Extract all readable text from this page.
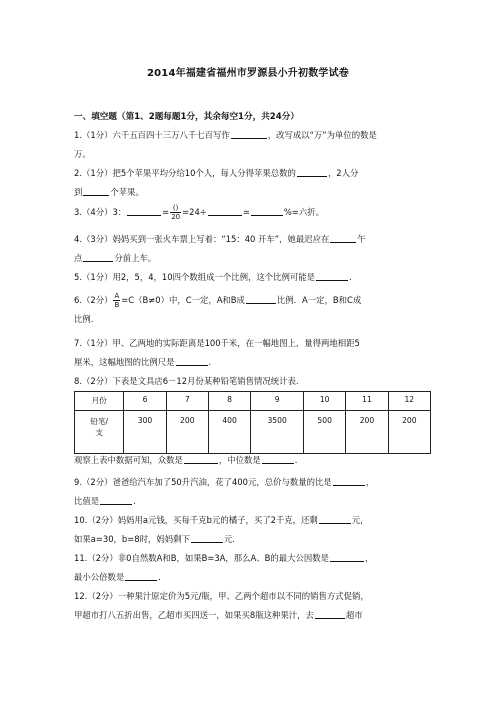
2014年福建省福州市罗源县小升初数学试卷
一、填空题（第1、2题每题1分，其余每空1分，共24分）
1.（1分）六千五百四十三万八千七百写作	，改写成以“万”为单位的数是
万。
2.（1分）把5个苹果平均分给10个人，每人分得苹果总数的	，2人分
到	个苹果。
3.（4分）3：	= $\frac{()}{20} =24\div$	=	%=六折。
4.（3分）妈妈买到一张火车票上写着：“15：40 开车”，她最迟应在	午
点	分前上车。
5.（1分）用2，5，4，10四个数组成一个比例，这个比例可能是	.
6.（2分） $\frac{A}{B} =C(B\ne 0)$中，C一定，A和B成	比例．A一定，B和C成
比例.
7.（1分）甲、乙两地的实际距离是100千米，在一幅地图上，量得两地相距5
厘米，这幅地图的比例尺是	.
8.（2分）下表是文具店6－12月份某种铅笔销售情况统计表.
月份	6	7	8	9	10	11	12
铅笔/
支	300	200	400	3500	500	200	200
观察上表中数据可知，众数是	，中位数是	.
9.（2分）爸爸给汽车加了50升汽油，花了400元，总价与数量的比是	，
比值是	.
10.（2分）妈妈用a元钱，买每千克b元的橘子，买了2千克，还剩	元，
如果a=30，b=8时，妈妈剩下	元.
11.（2分）非0自然数A和B，如果B=3A，那么A、B的最大公因数是	，
最小公倍数是	.
12.（2分）一种果汁原定价为5元/瓶，甲、乙两个超市以不同的销售方式促销，
甲超市打八五折出售，乙超市买四送一，如果买8瓶这种果汁，去	超市
